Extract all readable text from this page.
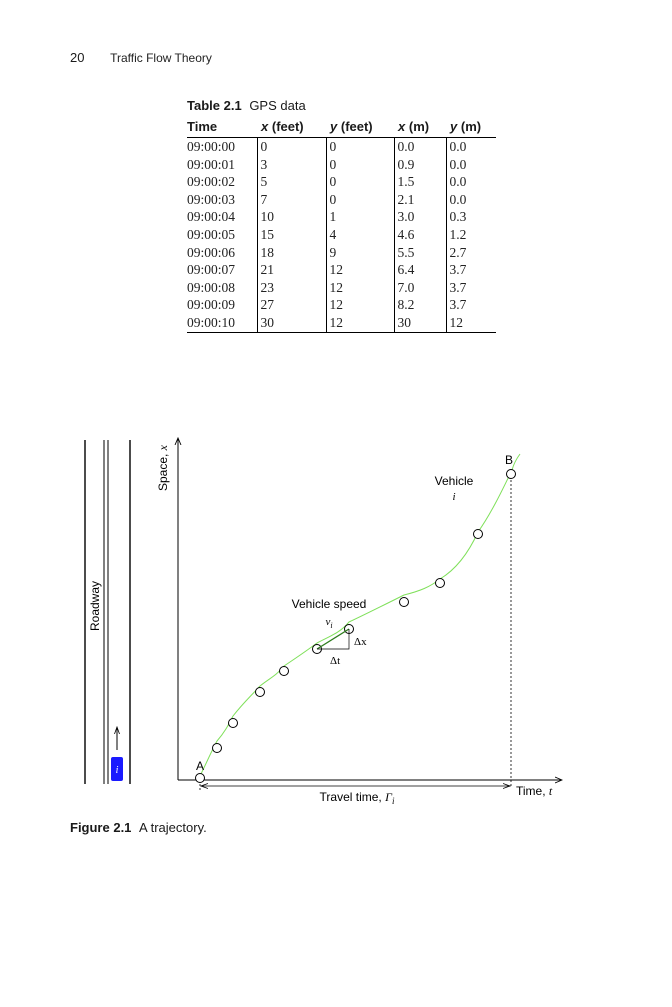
20 Traffic Flow Theory
Table 2.1 GPS data
Time	x (feet)	y (feet)	x (m)	y (m)
09:00:00	0	0	0.0	0.0
09:00:01	3	0	0.9	0.0
09:00:02	5	0	1.5	0.0
09:00:03	7	0	2.1	0.0
09:00:04	10	1	3.0	0.3
09:00:05	15	4	4.6	1.2
09:00:06	18	9	5.5	2.7
09:00:07	21	12	6.4	3.7
09:00:08	23	12	7.0	3.7
09:00:09	27	12	8.2	3.7
09:00:10	30	12	30	12
Roadway
i
Space, x
Time, t
Travel time, $\Gamma_i$
Δx
Δt
Vehicle speed
$v_i$
Vehicle
i
A
B
Figure 2.1 A trajectory.
